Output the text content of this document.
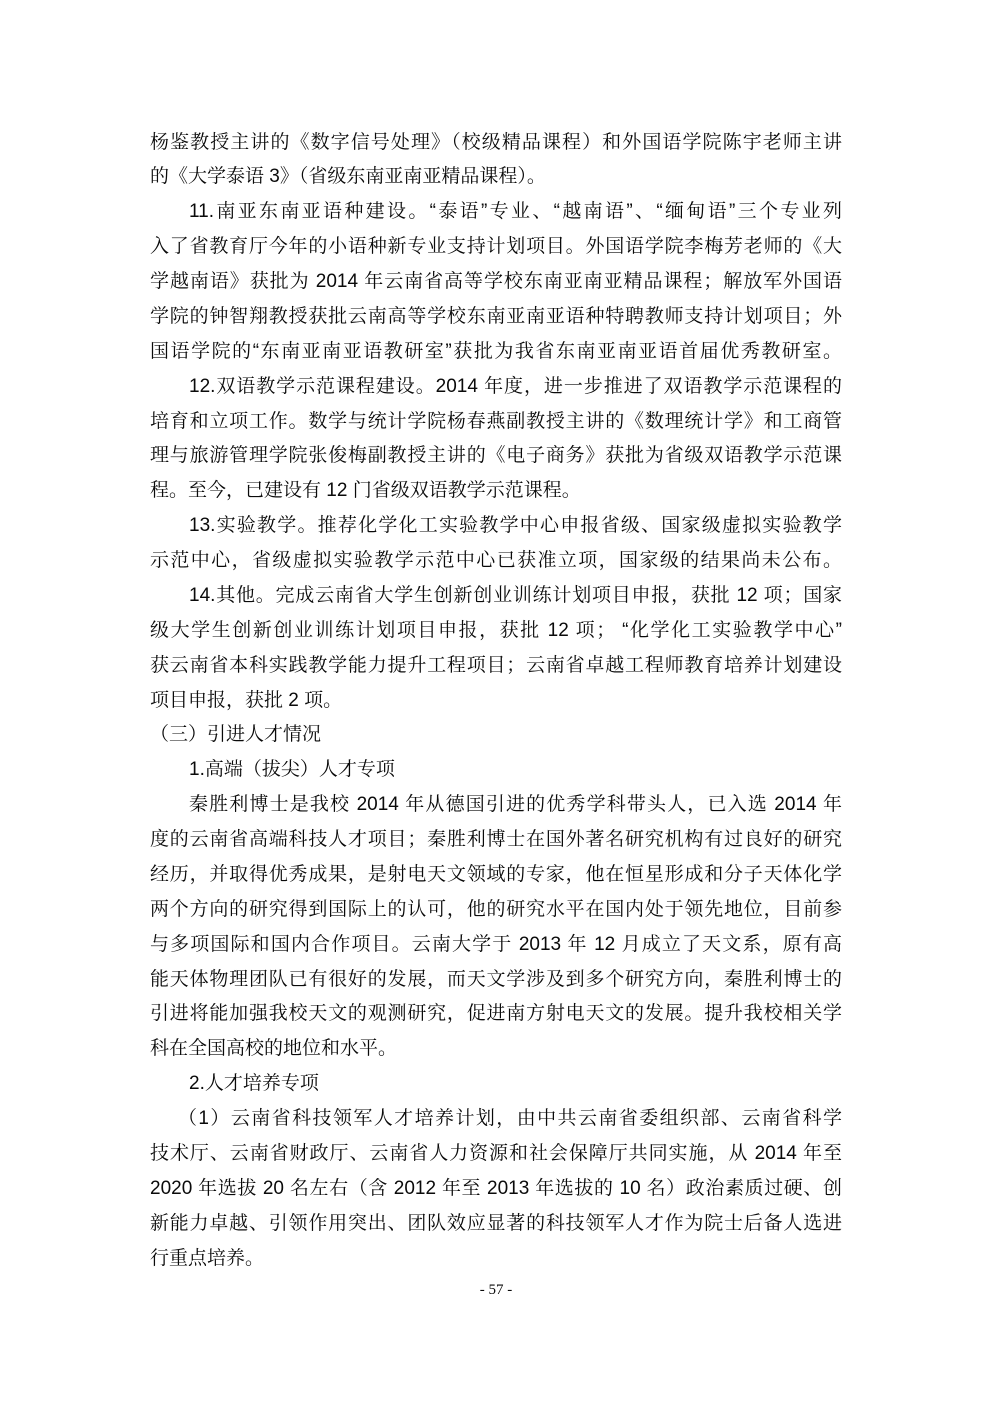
杨鉴教授主讲的《数字信号处理》（校级精品课程）和外国语学院陈宇老师主讲
的《大学泰语 3》（省级东南亚南亚精品课程）。
11.南亚东南亚语种建设。“泰语”专业、“越南语”、“缅甸语”三个专业列
入了省教育厅今年的小语种新专业支持计划项目。外国语学院李梅芳老师的《大
学越南语》获批为 2014 年云南省高等学校东南亚南亚精品课程；解放军外国语
学院的钟智翔教授获批云南高等学校东南亚南亚语种特聘教师支持计划项目；外
国语学院的“东南亚南亚语教研室”获批为我省东南亚南亚语首届优秀教研室。
12.双语教学示范课程建设。2014 年度，进一步推进了双语教学示范课程的
培育和立项工作。数学与统计学院杨春燕副教授主讲的《数理统计学》和工商管
理与旅游管理学院张俊梅副教授主讲的《电子商务》获批为省级双语教学示范课
程。至今，已建设有 12 门省级双语教学示范课程。
13.实验教学。推荐化学化工实验教学中心申报省级、国家级虚拟实验教学
示范中心，省级虚拟实验教学示范中心已获准立项，国家级的结果尚未公布。
14.其他。完成云南省大学生创新创业训练计划项目申报，获批 12 项；国家
级大学生创新创业训练计划项目申报，获批 12 项； “化学化工实验教学中心”
获云南省本科实践教学能力提升工程项目；云南省卓越工程师教育培养计划建设
项目申报，获批 2 项。
（三）引进人才情况
1.高端（拔尖）人才专项
秦胜利博士是我校 2014 年从德国引进的优秀学科带头人，已入选 2014 年
度的云南省高端科技人才项目；秦胜利博士在国外著名研究机构有过良好的研究
经历，并取得优秀成果，是射电天文领域的专家，他在恒星形成和分子天体化学
两个方向的研究得到国际上的认可，他的研究水平在国内处于领先地位，目前参
与多项国际和国内合作项目。云南大学于 2013 年 12 月成立了天文系，原有高
能天体物理团队已有很好的发展，而天文学涉及到多个研究方向，秦胜利博士的
引进将能加强我校天文的观测研究，促进南方射电天文的发展。提升我校相关学
科在全国高校的地位和水平。
2.人才培养专项
（1）云南省科技领军人才培养计划，由中共云南省委组织部、云南省科学
技术厅、云南省财政厅、云南省人力资源和社会保障厅共同实施，从 2014 年至
2020 年选拔 20 名左右（含 2012 年至 2013 年选拔的 10 名）政治素质过硬、创
新能力卓越、引领作用突出、团队效应显著的科技领军人才作为院士后备人选进
行重点培养。
- 57 -
